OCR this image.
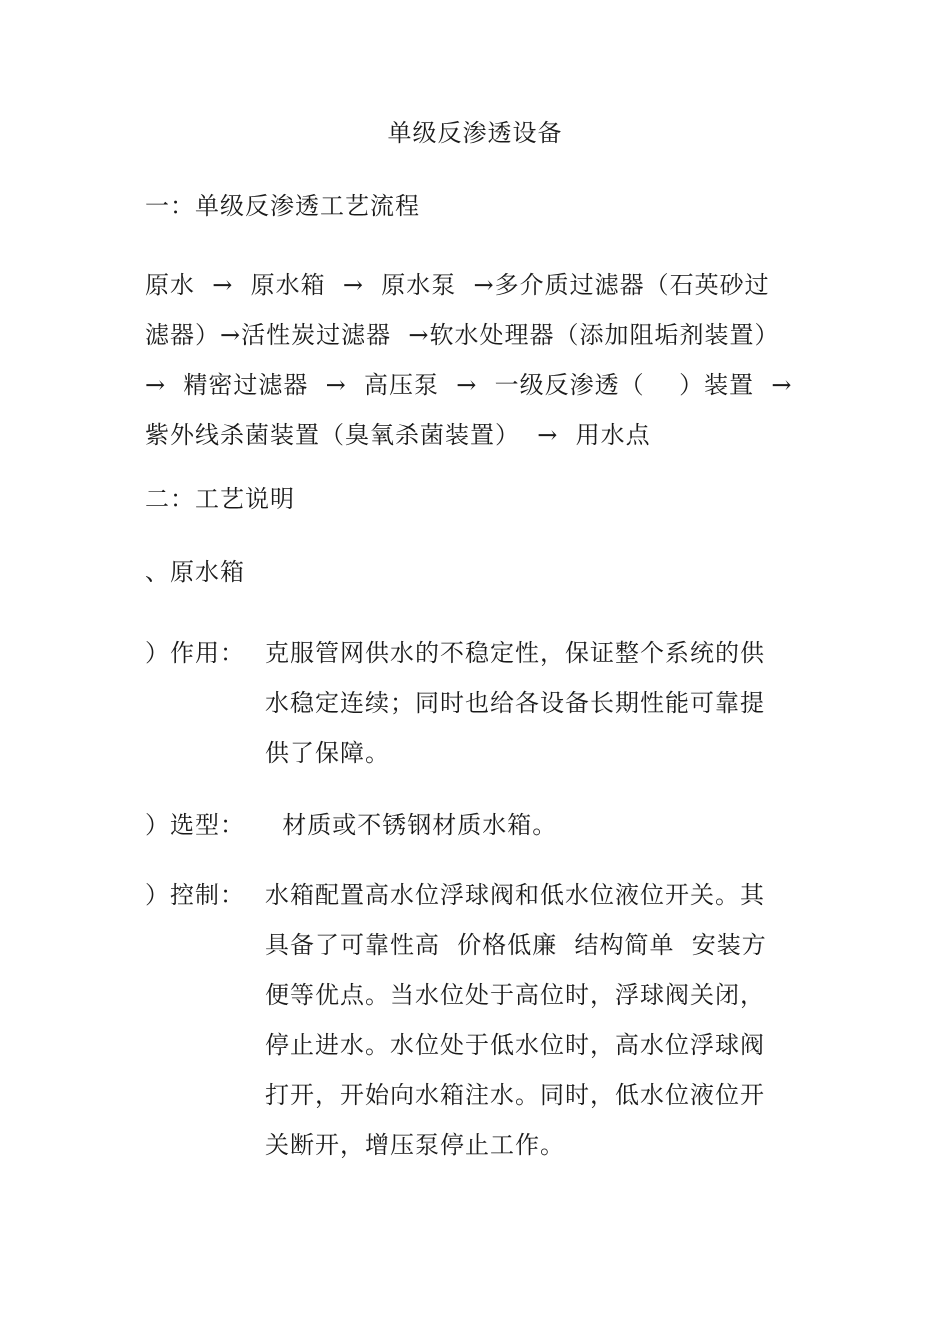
单级反渗透设备
一：单级反渗透工艺流程
原水  →  原水箱  →  原水泵  →多介质过滤器（石英砂过
滤器）→活性炭过滤器  →软水处理器（添加阻垢剂装置）
→  精密过滤器  →  高压泵  →  一级反渗透（    ）装置  →
紫外线杀菌装置（臭氧杀菌装置）  →  用水点
二：工艺说明
、原水箱
）作用： 克服管网供水的不稳定性，保证整个系统的供
水稳定连续；同时也给各设备长期性能可靠提
供了保障。
）选型： 材质或不锈钢材质水箱。
）控制： 水箱配置高水位浮球阀和低水位液位开关。其
具备了可靠性高  价格低廉  结构简单  安装方
便等优点。当水位处于高位时，浮球阀关闭，
停止进水。水位处于低水位时，高水位浮球阀
打开，开始向水箱注水。同时，低水位液位开
关断开，增压泵停止工作。
